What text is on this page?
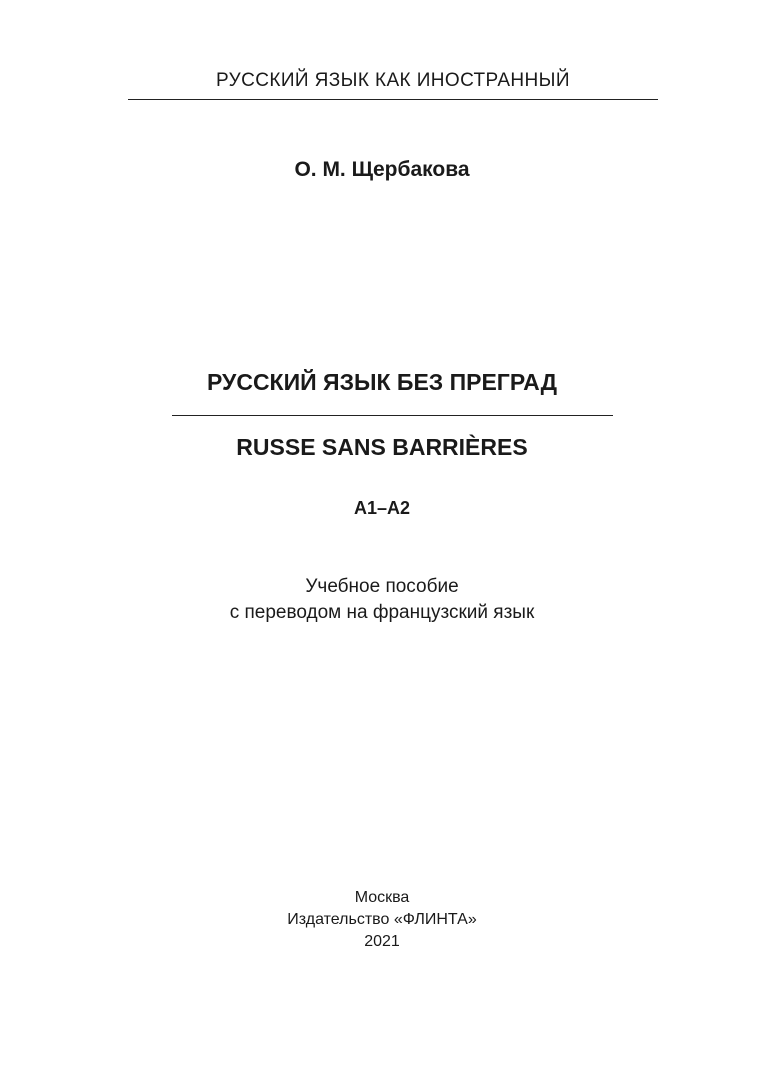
РУССКИЙ ЯЗЫК КАК ИНОСТРАННЫЙ
О. М. Щербакова
РУССКИЙ ЯЗЫК БЕЗ ПРЕГРАД
RUSSE SANS BARRIÈRES
А1–А2
Учебное пособие
с переводом на французский язык
Москва
Издательство «ФЛИНТА»
2021
